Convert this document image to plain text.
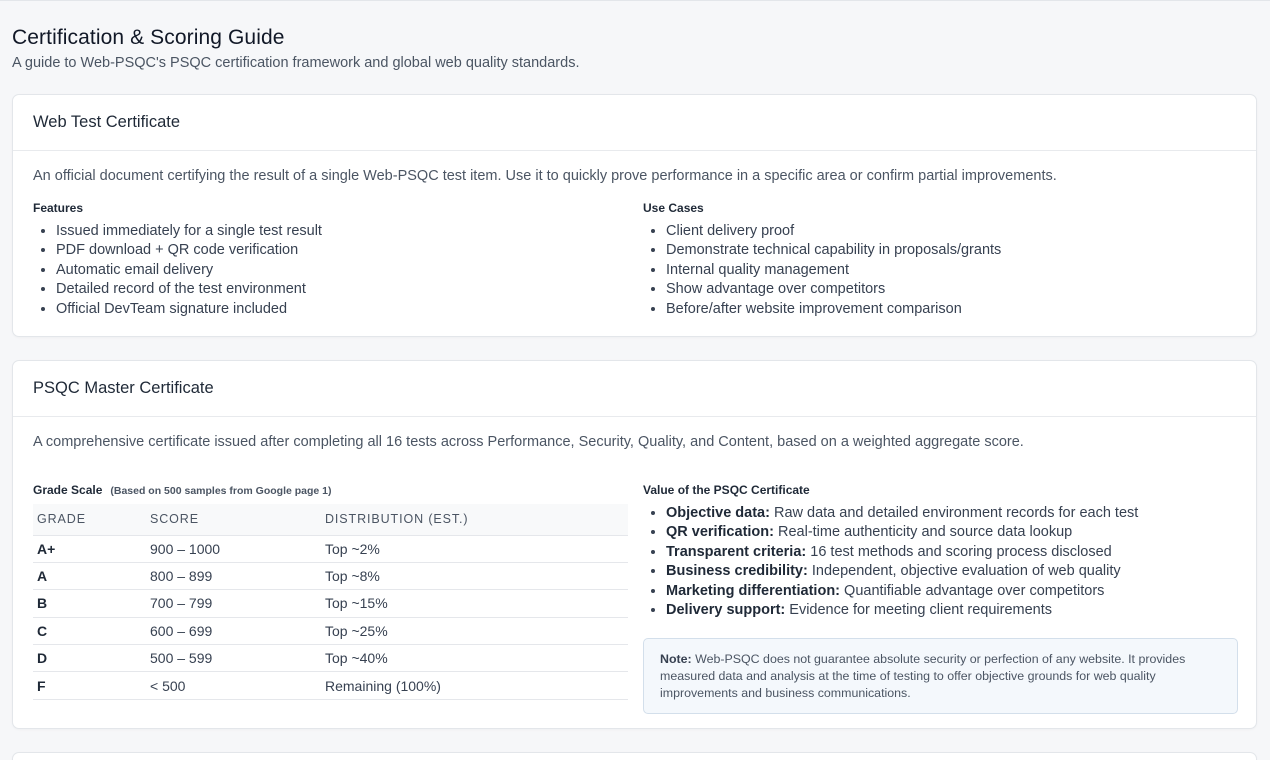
Certification & Scoring Guide
A guide to Web-PSQC's PSQC certification framework and global web quality standards.
Web Test Certificate
An official document certifying the result of a single Web-PSQC test item. Use it to quickly prove performance in a specific area or confirm partial improvements.
Features
• Issued immediately for a single test result
• PDF download + QR code verification
• Automatic email delivery
• Detailed record of the test environment
• Official DevTeam signature included
Use Cases
• Client delivery proof
• Demonstrate technical capability in proposals/grants
• Internal quality management
• Show advantage over competitors
• Before/after website improvement comparison
PSQC Master Certificate
A comprehensive certificate issued after completing all 16 tests across Performance, Security, Quality, and Content, based on a weighted aggregate score.
Grade Scale (Based on 500 samples from Google page 1)
GRADE	SCORE	DISTRIBUTION (EST.)
A+	900 – 1000	Top ~2%
A	800 – 899	Top ~8%
B	700 – 799	Top ~15%
C	600 – 699	Top ~25%
D	500 – 599	Top ~40%
F	< 500	Remaining (100%)
Value of the PSQC Certificate
• Objective data: Raw data and detailed environment records for each test
• QR verification: Real-time authenticity and source data lookup
• Transparent criteria: 16 test methods and scoring process disclosed
• Business credibility: Independent, objective evaluation of web quality
• Marketing differentiation: Quantifiable advantage over competitors
• Delivery support: Evidence for meeting client requirements
Note: Web-PSQC does not guarantee absolute security or perfection of any website. It provides measured data and analysis at the time of testing to offer objective grounds for web quality improvements and business communications.
